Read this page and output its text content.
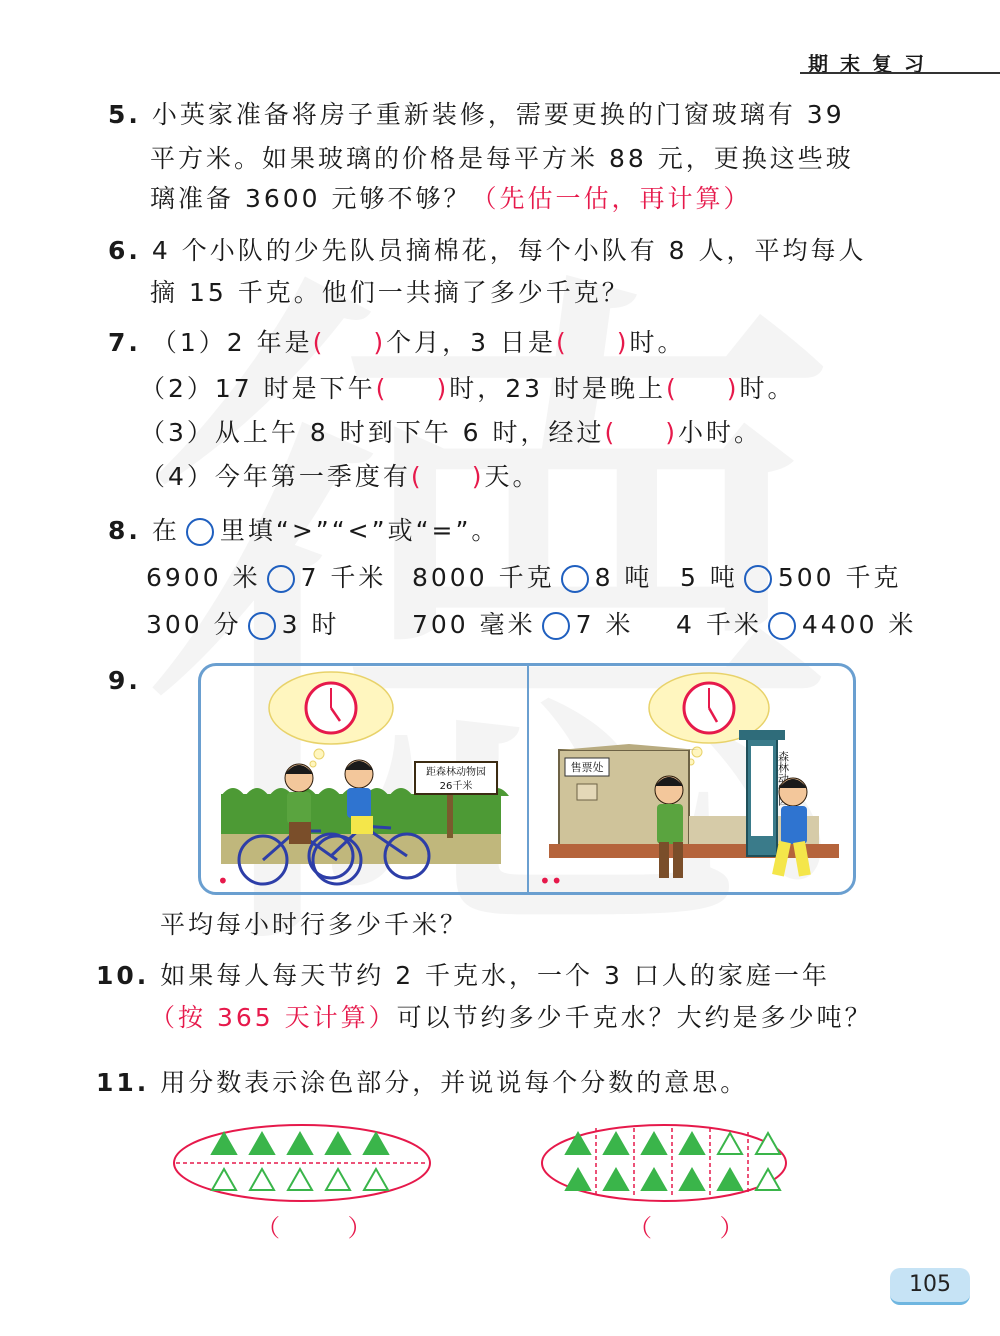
期末复习
5. 小英家准备将房子重新装修，需要更换的门窗玻璃有 39
平方米。如果玻璃的价格是每平方米 88 元，更换这些玻
璃准备 3600 元够不够？（先估一估，再计算）
6. 4 个小队的少先队员摘棉花，每个小队有 8 人，平均每人
摘 15 千克。他们一共摘了多少千克？
7. （1）2 年是( )个月，3 日是( )时。
（2）17 时是下午( )时，23 时是晚上( )时。
（3）从上午 8 时到下午 6 时，经过( )小时。
（4）今年第一季度有( )天。
8. 在 里填“>”“<”或“=”。
6900 米 7 千米 8000 千克 8 吨 5 吨 500 千克
300 分 3 时	700 毫米 7 米 4 千米 4400 米
9.
距森林动物园
26千米
•
售票处
森林动物园
••
平均每小时行多少千米？
10. 如果每人每天节约 2 千克水，一个 3 口人的家庭一年
（按 365 天计算）可以节约多少千克水？大约是多少吨？
11. 用分数表示涂色部分，并说说每个分数的意思。
（ ）	（ ）
105
